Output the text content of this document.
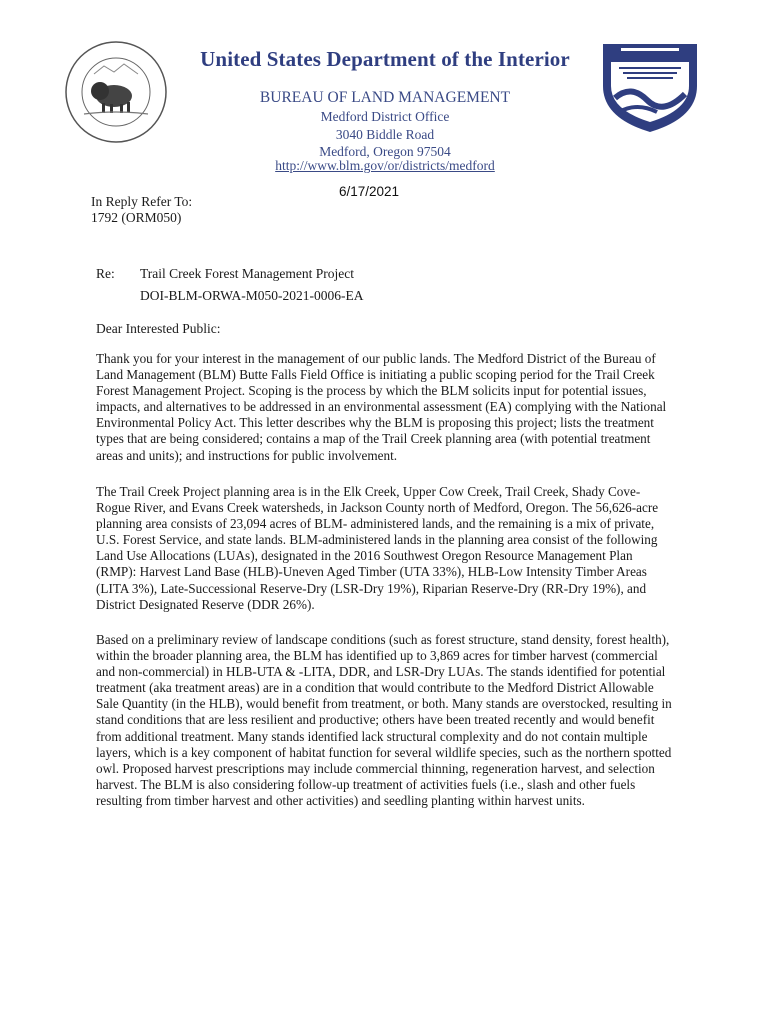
United States Department of the Interior
BUREAU OF LAND MANAGEMENT
Medford District Office
3040 Biddle Road
Medford, Oregon 97504
http://www.blm.gov/or/districts/medford
6/17/2021
In Reply Refer To:
1792 (ORM050)
Re: Trail Creek Forest Management Project
DOI-BLM-ORWA-M050-2021-0006-EA
Dear Interested Public:

Thank you for your interest in the management of our public lands. The Medford District of the Bureau of Land Management (BLM) Butte Falls Field Office is initiating a public scoping period for the Trail Creek Forest Management Project. Scoping is the process by which the BLM solicits input for potential issues, impacts, and alternatives to be addressed in an environmental assessment (EA) complying with the National Environmental Policy Act. This letter describes why the BLM is proposing this project; lists the treatment types that are being considered; contains a map of the Trail Creek planning area (with potential treatment areas and units); and instructions for public involvement.

The Trail Creek Project planning area is in the Elk Creek, Upper Cow Creek, Trail Creek, Shady Cove-Rogue River, and Evans Creek watersheds, in Jackson County north of Medford, Oregon. The 56,626-acre planning area consists of 23,094 acres of BLM- administered lands, and the remaining is a mix of private, U.S. Forest Service, and state lands. BLM-administered lands in the planning area consist of the following Land Use Allocations (LUAs), designated in the 2016 Southwest Oregon Resource Management Plan (RMP): Harvest Land Base (HLB)-Uneven Aged Timber (UTA 33%), HLB-Low Intensity Timber Areas (LITA 3%), Late-Successional Reserve-Dry (LSR-Dry 19%), Riparian Reserve-Dry (RR-Dry 19%), and District Designated Reserve (DDR 26%).

Based on a preliminary review of landscape conditions (such as forest structure, stand density, forest health), within the broader planning area, the BLM has identified up to 3,869 acres for timber harvest (commercial and non-commercial) in HLB-UTA & -LITA, DDR, and LSR-Dry LUAs. The stands identified for potential treatment (aka treatment areas) are in a condition that would contribute to the Medford District Allowable Sale Quantity (in the HLB), would benefit from treatment, or both. Many stands are overstocked, resulting in stand conditions that are less resilient and productive; others have been treated recently and would benefit from additional treatment. Many stands identified lack structural complexity and do not contain multiple layers, which is a key component of habitat function for several wildlife species, such as the northern spotted owl. Proposed harvest prescriptions may include commercial thinning, regeneration harvest, and selection harvest. The BLM is also considering follow-up treatment of activities fuels (i.e., slash and other fuels resulting from timber harvest and other activities) and seedling planting within harvest units.
